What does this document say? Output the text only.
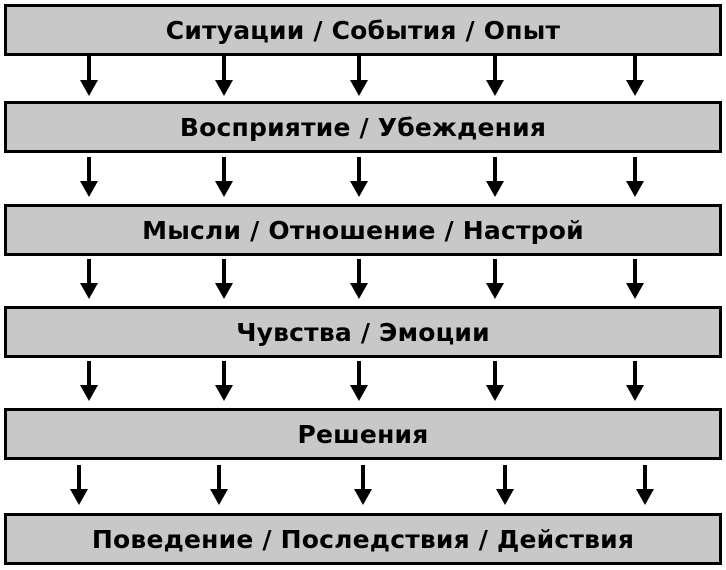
Ситуации / События / Опыт
Восприятие / Убеждения
Мысли / Отношение / Настрой
Чувства / Эмоции
Решения
Поведение / Последствия / Действия
